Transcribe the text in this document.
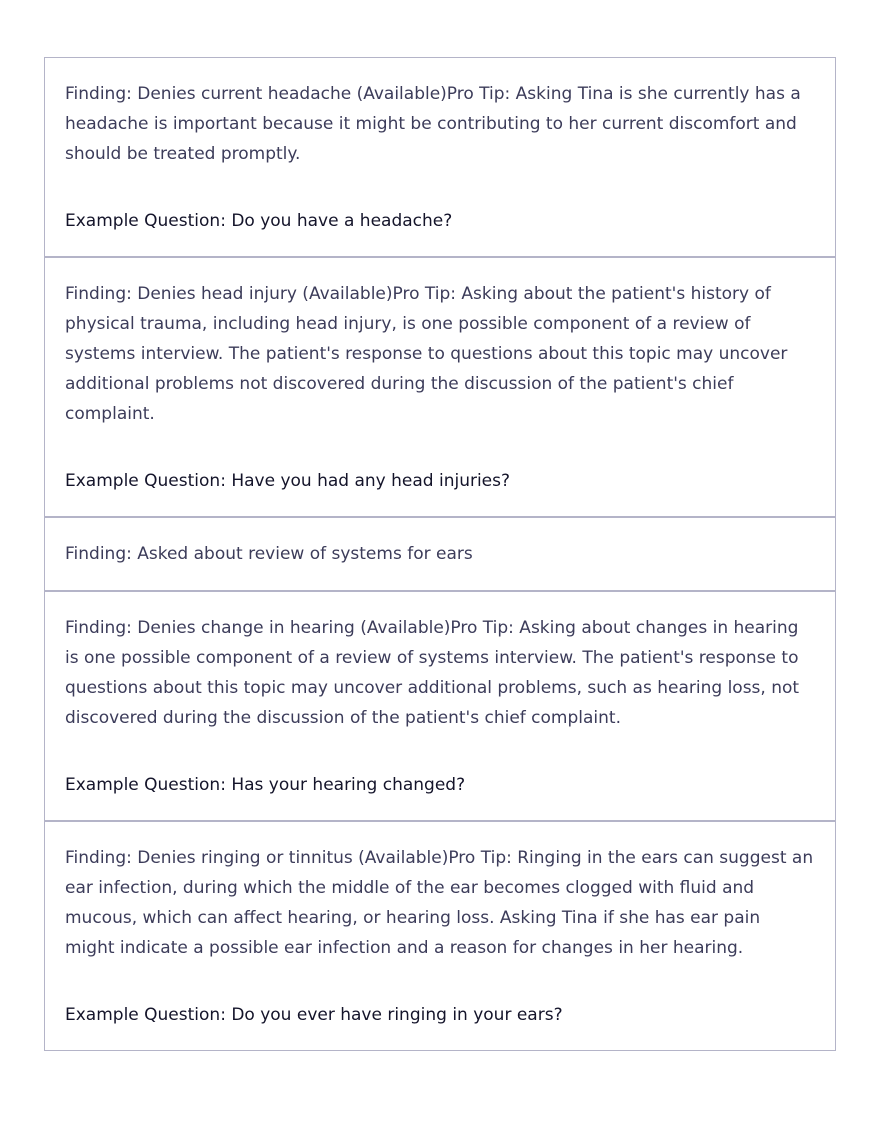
Finding: Denies current headache (Available)Pro Tip: Asking Tina is she currently has a headache is important because it might be contributing to her current discomfort and should be treated promptly.

Example Question: Do you have a headache?

Finding: Denies head injury (Available)Pro Tip: Asking about the patient's history of physical trauma, including head injury, is one possible component of a review of systems interview. The patient's response to questions about this topic may uncover additional problems not discovered during the discussion of the patient's chief complaint.

Example Question: Have you had any head injuries?

Finding: Asked about review of systems for ears

Finding: Denies change in hearing (Available)Pro Tip: Asking about changes in hearing is one possible component of a review of systems interview. The patient's response to questions about this topic may uncover additional problems, such as hearing loss, not discovered during the discussion of the patient's chief complaint.

Example Question: Has your hearing changed?

Finding: Denies ringing or tinnitus (Available)Pro Tip: Ringing in the ears can suggest an ear infection, during which the middle of the ear becomes clogged with fluid and mucous, which can affect hearing, or hearing loss. Asking Tina if she has ear pain might indicate a possible ear infection and a reason for changes in her hearing.

Example Question: Do you ever have ringing in your ears?
